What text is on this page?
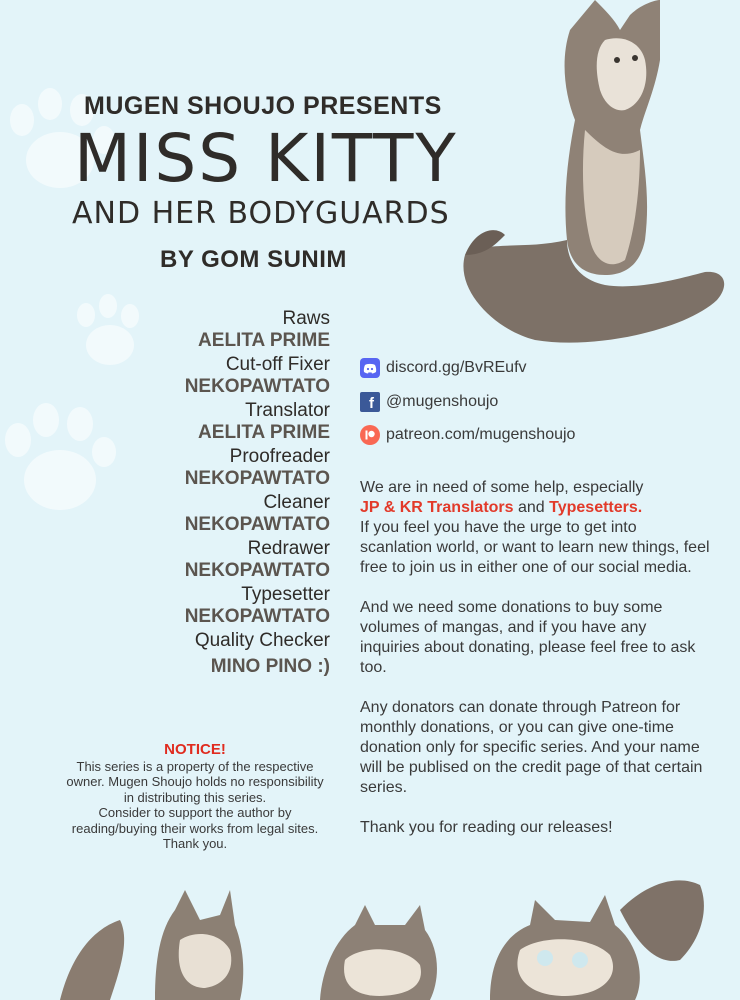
MUGEN SHOUJO PRESENTS
MISS KITTY
AND HER BODYGUARDS
BY GOM SUNIM
Raws
AELITA PRIME
Cut-off Fixer
NEKOPAWTATO
Translator
AELITA PRIME
Proofreader
NEKOPAWTATO
Cleaner
NEKOPAWTATO
Redrawer
NEKOPAWTATO
Typesetter
NEKOPAWTATO
Quality Checker
MINO PINO :)
discord.gg/BvREufv
f @mugenshoujo
patreon.com/mugenshoujo

We are in need of some help, especially
JP & KR Translators and Typesetters.
If you feel you have the urge to get into scanlation world, or want to learn new things, feel free to join us in either one of our social media.

And we need some donations to buy some volumes of mangas, and if you have any inquiries about donating, please feel free to ask too.

Any donators can donate through Patreon for monthly donations, or you can give one-time donation only for specific series. And your name will be publised on the credit page of that certain series.

Thank you for reading our releases!

NOTICE!
This series is a property of the respective
owner. Mugen Shoujo holds no responsibility
in distributing this series.
Consider to support the author by
reading/buying their works from legal sites.
Thank you.
